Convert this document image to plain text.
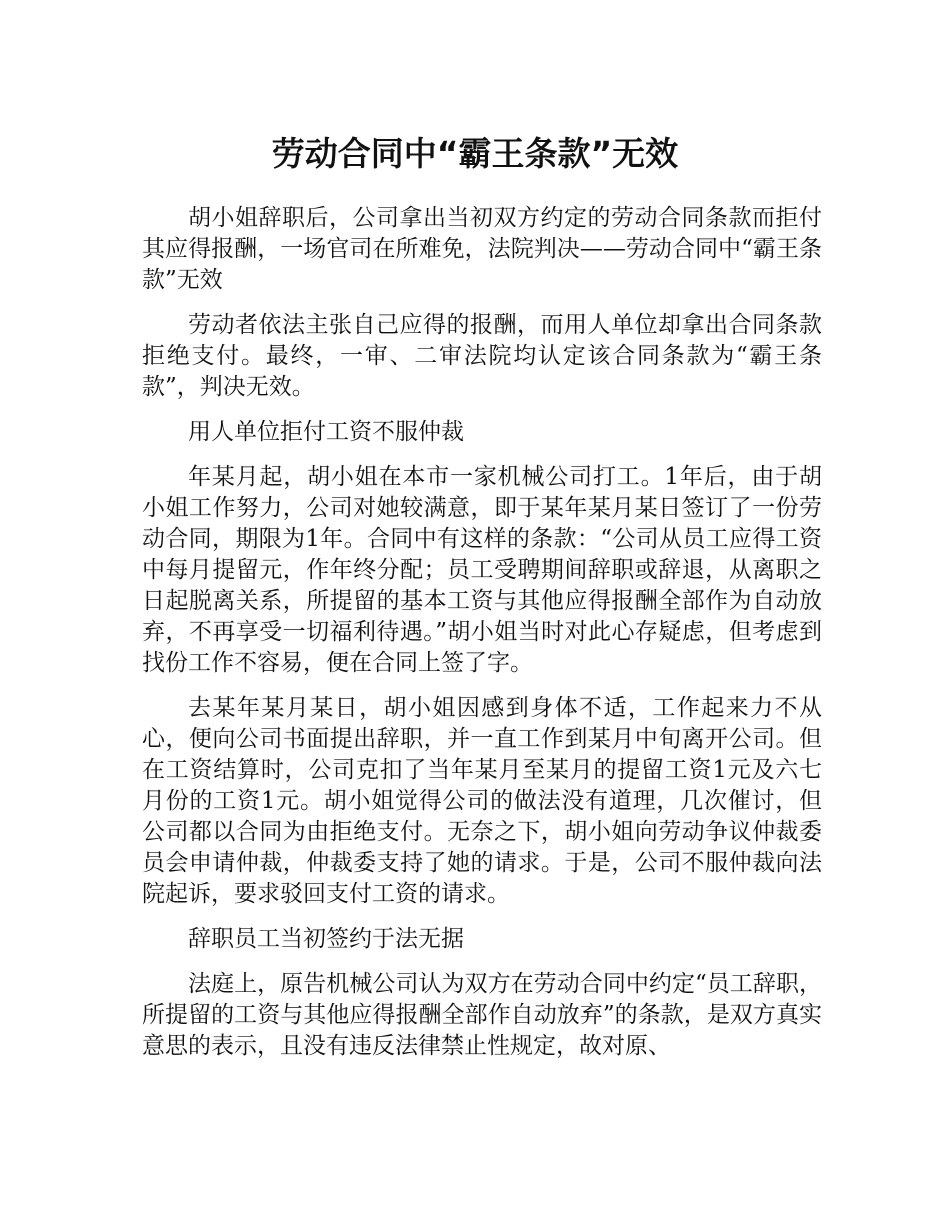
劳动合同中“霸王条款”无效

胡小姐辞职后，公司拿出当初双方约定的劳动合同条款而拒付其应得报酬，一场官司在所难免，法院判决——劳动合同中“霸王条款”无效

劳动者依法主张自己应得的报酬，而用人单位却拿出合同条款拒绝支付。最终，一审、二审法院均认定该合同条款为“霸王条款”，判决无效。

用人单位拒付工资不服仲裁

年某月起，胡小姐在本市一家机械公司打工。1年后，由于胡小姐工作努力，公司对她较满意，即于某年某月某日签订了一份劳动合同，期限为1年。合同中有这样的条款：“公司从员工应得工资中每月提留元，作年终分配；员工受聘期间辞职或辞退，从离职之日起脱离关系，所提留的基本工资与其他应得报酬全部作为自动放弃，不再享受一切福利待遇。”胡小姐当时对此心存疑虑，但考虑到找份工作不容易，便在合同上签了字。

去某年某月某日，胡小姐因感到身体不适，工作起来力不从心，便向公司书面提出辞职，并一直工作到某月中旬离开公司。但在工资结算时，公司克扣了当年某月至某月的提留工资1元及六七月份的工资1元。胡小姐觉得公司的做法没有道理，几次催讨，但公司都以合同为由拒绝支付。无奈之下，胡小姐向劳动争议仲裁委员会申请仲裁，仲裁委支持了她的请求。于是，公司不服仲裁向法院起诉，要求驳回支付工资的请求。

辞职员工当初签约于法无据

法庭上，原告机械公司认为双方在劳动合同中约定“员工辞职，所提留的工资与其他应得报酬全部作自动放弃”的条款，是双方真实意思的表示，且没有违反法律禁止性规定，故对原、
